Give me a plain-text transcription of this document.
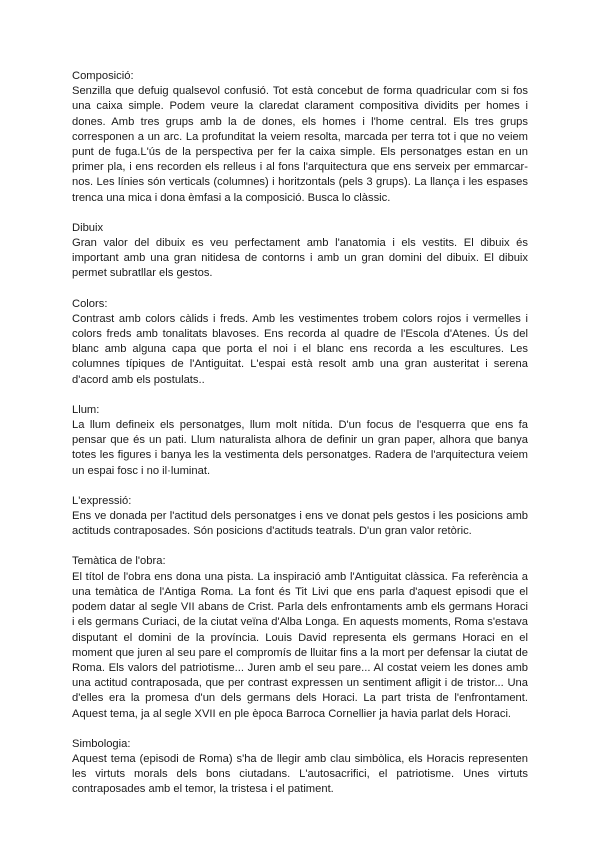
Composició:

Senzilla que defuig qualsevol confusió. Tot està concebut de forma quadricular com si fos una caixa simple. Podem veure la claredat clarament compositiva dividits per homes i dones. Amb tres grups amb la de dones, els homes i l'home central. Els tres grups corresponen a un arc. La profunditat la veiem resolta, marcada per terra tot i que no veiem punt de fuga.L'ús de la perspectiva per fer la caixa simple. Els personatges estan en un primer pla, i ens recorden els relleus i al fons l'arquitectura que ens serveix per emmarcar-nos. Les línies són verticals (columnes) i horitzontals (pels 3 grups). La llança i les espases trenca una mica i dona èmfasi a la composició. Busca lo clàssic.

Dibuix

Gran valor del dibuix es veu perfectament amb l'anatomia i els vestits. El dibuix és important amb una gran nitidesa de contorns i amb un gran domini del dibuix. El dibuix permet subratllar els gestos.

Colors:

Contrast amb colors càlids i freds. Amb les vestimentes trobem colors rojos i vermelles i colors freds amb tonalitats blavoses. Ens recorda al quadre de l'Escola d'Atenes. Ús del blanc amb alguna capa que porta el noi i el blanc ens recorda a les escultures. Les columnes típiques de l'Antiguitat. L'espai està resolt amb una gran austeritat i serena d'acord amb els postulats..

Llum:

La llum defineix els personatges, llum molt nítida. D'un focus de l'esquerra que ens fa pensar que és un pati. Llum naturalista alhora de definir un gran paper, alhora que banya totes les figures i banya les la vestimenta dels personatges. Radera de l'arquitectura veiem un espai fosc i no il·luminat.

L'expressió:

Ens ve donada per l'actitud dels personatges i ens ve donat pels gestos i les posicions amb actituds contraposades. Són posicions d'actituds teatrals. D'un gran valor retòric.

Temàtica de l'obra:

El títol de l'obra ens dona una pista. La inspiració amb l'Antiguitat clàssica. Fa referència a una temàtica de l'Antiga Roma. La font és Tit Livi que ens parla d'aquest episodi que el podem datar al segle VII abans de Crist. Parla dels enfrontaments amb els germans Horaci i els germans Curiaci, de la ciutat veïna d'Alba Longa. En aquests moments, Roma s'estava disputant el domini de la província. Louis David representa els germans Horaci en el moment que juren al seu pare el compromís de lluitar fins a la mort per defensar la ciutat de Roma. Els valors del patriotisme... Juren amb el seu pare... Al costat veiem les dones amb una actitud contraposada, que per contrast expressen un sentiment afligit i de tristor... Una d'elles era la promesa d'un dels germans dels Horaci. La part trista de l'enfrontament. Aquest tema, ja al segle XVII en ple època Barroca Cornellier ja havia parlat dels Horaci.

Simbologia:

Aquest tema (episodi de Roma) s'ha de llegir amb clau simbòlica, els Horacis representen les virtuts morals dels bons ciutadans. L'autosacrifici, el patriotisme. Unes virtuts contraposades amb el temor, la tristesa i el patiment.
